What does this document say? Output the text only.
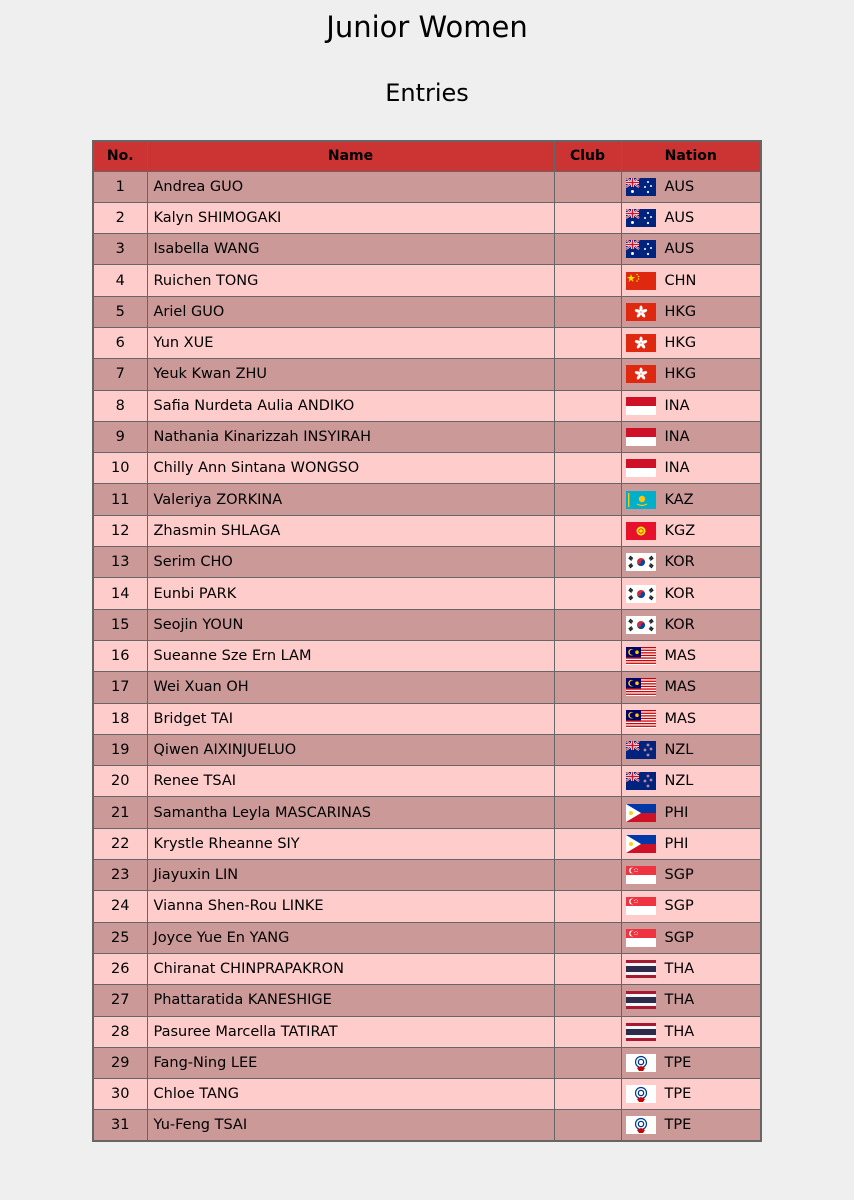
Junior Women
Entries
No.	Name	Club	Nation
1	Andrea GUO		AUS

2	Kalyn SHIMOGAKI		AUS

3	Isabella WANG		AUS

4	Ruichen TONG		CHN

5	Ariel GUO		HKG

6	Yun XUE		HKG

7	Yeuk Kwan ZHU		HKG

8	Safia Nurdeta Aulia ANDIKO		INA

9	Nathania Kinarizzah INSYIRAH		INA

10	Chilly Ann Sintana WONGSO		INA

11	Valeriya ZORKINA		KAZ

12	Zhasmin SHLAGA		KGZ

13	Serim CHO		KOR

14	Eunbi PARK		KOR

15	Seojin YOUN		KOR

16	Sueanne Sze Ern LAM		MAS

17	Wei Xuan OH		MAS

18	Bridget TAI		MAS

19	Qiwen AIXINJUELUO		NZL

20	Renee TSAI		NZL

21	Samantha Leyla MASCARINAS		PHI

22	Krystle Rheanne SIY		PHI

23	Jiayuxin LIN		SGP

24	Vianna Shen-Rou LINKE		SGP

25	Joyce Yue En YANG		SGP

26	Chiranat CHINPRAPAKRON		THA

27	Phattaratida KANESHIGE		THA

28	Pasuree Marcella TATIRAT		THA

29	Fang-Ning LEE		TPE

30	Chloe TANG		TPE

31	Yu-Feng TSAI		TPE
